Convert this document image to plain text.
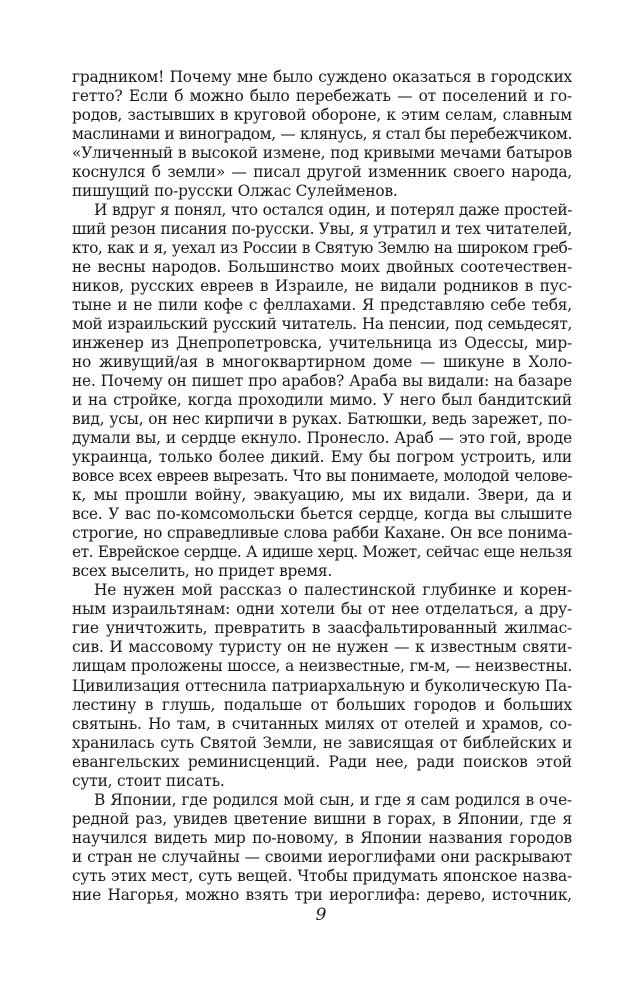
градником! Почему мне было суждено оказаться в городских
гетто? Если б можно было перебежать — от поселений и го-
родов, застывших в круговой обороне, к этим селам, славным
маслинами и виноградом, — клянусь, я стал бы перебежчиком.
«Уличенный в высокой измене, под кривыми мечами батыров
коснулся б земли» — писал другой изменник своего народа,
пишущий по-русски Олжас Сулейменов.
И вдруг я понял, что остался один, и потерял даже простей-
ший резон писания по-русски. Увы, я утратил и тех читателей,
кто, как и я, уехал из России в Святую Землю на широком греб-
не весны народов. Большинство моих двойных соотечествен-
ников, русских евреев в Израиле, не видали родников в пус-
тыне и не пили кофе с феллахами. Я представляю себе тебя,
мой израильский русский читатель. На пенсии, под семьдесят,
инженер из Днепропетровска, учительница из Одессы, мир-
но живущий/ая в многоквартирном доме — шикуне в Холо-
не. Почему он пишет про арабов? Араба вы видали: на базаре
и на стройке, когда проходили мимо. У него был бандитский
вид, усы, он нес кирпичи в руках. Батюшки, ведь зарежет, по-
думали вы, и сердце екнуло. Пронесло. Араб — это гой, вроде
украинца, только более дикий. Ему бы погром устроить, или
вовсе всех евреев вырезать. Что вы понимаете, молодой челове-
к, мы прошли войну, эвакуацию, мы их видали. Звери, да и
все. У вас по-комсомольски бьется сердце, когда вы слышите
строгие, но справедливые слова рабби Кахане. Он все понима-
ет. Еврейское сердце. А идише херц. Может, сейчас еще нельзя
всех выселить, но придет время.
Не нужен мой рассказ о палестинской глубинке и корен-
ным израильтянам: одни хотели бы от нее отделаться, а дру-
гие уничтожить, превратить в заасфальтированный жилмас-
сив. И массовому туристу он не нужен — к известным святи-
лищам проложены шоссе, а неизвестные, гм-м, — неизвестны.
Цивилизация оттеснила патриархальную и буколическую Па-
лестину в глушь, подальше от больших городов и больших
святынь. Но там, в считанных милях от отелей и храмов, со-
хранилась суть Святой Земли, не зависящая от библейских и
евангельских реминисценций. Ради нее, ради поисков этой
сути, стоит писать.
В Японии, где родился мой сын, и где я сам родился в оче-
редной раз, увидев цветение вишни в горах, в Японии, где я
научился видеть мир по-новому, в Японии названия городов
и стран не случайны — своими иероглифами они раскрывают
суть этих мест, суть вещей. Чтобы придумать японское назва-
ние Нагорья, можно взять три иероглифа: дерево, источник,
9
